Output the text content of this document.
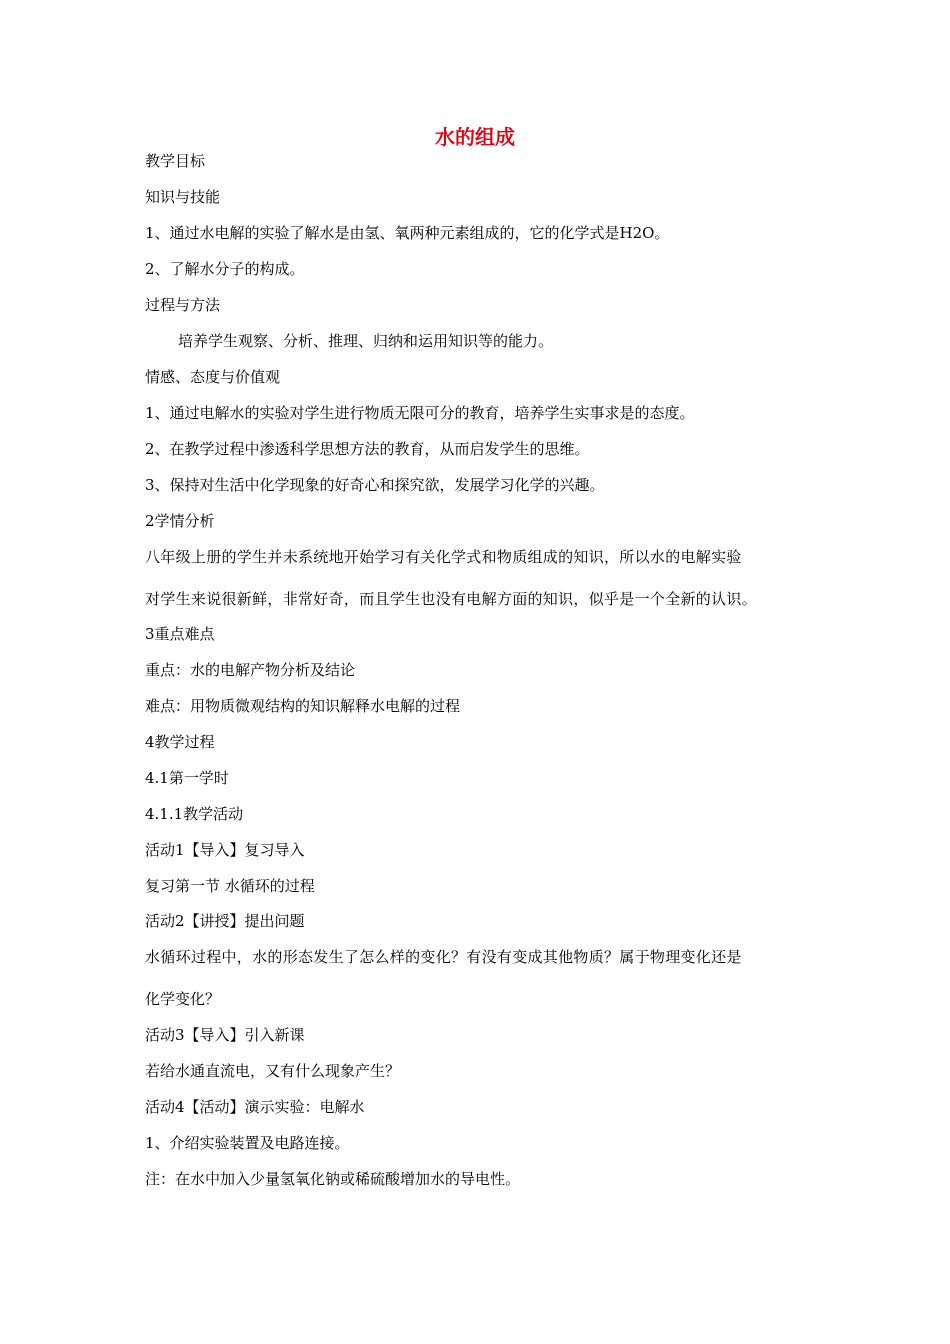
水的组成

教学目标

知识与技能

1、通过水电解的实验了解水是由氢、氧两种元素组成的，它的化学式是H2O。

2、了解水分子的构成。

过程与方法

培养学生观察、分析、推理、归纳和运用知识等的能力。

情感、态度与价值观

1、通过电解水的实验对学生进行物质无限可分的教育，培养学生实事求是的态度。

2、在教学过程中渗透科学思想方法的教育，从而启发学生的思维。

3、保持对生活中化学现象的好奇心和探究欲，发展学习化学的兴趣。

2学情分析

八年级上册的学生并未系统地开始学习有关化学式和物质组成的知识，所以水的电解实验

对学生来说很新鲜，非常好奇，而且学生也没有电解方面的知识，似乎是一个全新的认识。

3重点难点

重点：水的电解产物分析及结论

难点：用物质微观结构的知识解释水电解的过程

4教学过程

4.1第一学时

4.1.1教学活动

活动1【导入】复习导入

复习第一节 水循环的过程

活动2【讲授】提出问题

水循环过程中，水的形态发生了怎么样的变化？有没有变成其他物质？属于物理变化还是

化学变化？

活动3【导入】引入新课

若给水通直流电，又有什么现象产生？

活动4【活动】演示实验：电解水

1、介绍实验装置及电路连接。

注：在水中加入少量氢氧化钠或稀硫酸增加水的导电性。
